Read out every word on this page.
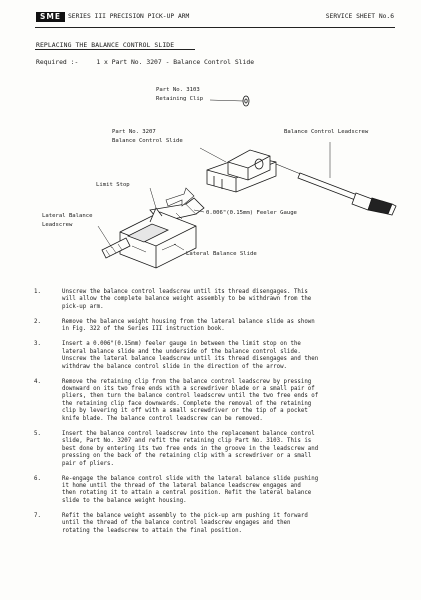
SME	SERIES III PRECISION PICK-UP ARM	SERVICE SHEET No.6
REPLACING THE BALANCE CONTROL SLIDE
Required :-	1 x Part No. 3207 - Balance Control Slide
Part No. 3103
Retaining Clip
Part No. 3207
Balance Control Slide
Balance Control Leadscrew
Limit Stop
Lateral Balance
Leadscrew
0.006"(0.15mm) Feeler Gauge
Lateral Balance Slide
1.	Unscrew the balance control leadscrew until its thread disengages. This
will allow the complete balance weight assembly to be withdrawn from the
pick-up arm.
2.	Remove the balance weight housing from the lateral balance slide as shown
in Fig. 322 of the Series III instruction book.
3.	Insert a 0.006"(0.15mm) feeler gauge in between the limit stop on the
lateral balance slide and the underside of the balance control slide.
Unscrew the lateral balance leadscrew until its thread disengages and then
withdraw the balance control slide in the direction of the arrow.
4.	Remove the retaining clip from the balance control leadscrew by pressing
downward on its two free ends with a screwdriver blade or a small pair of
pliers, then turn the balance control leadscrew until the two free ends of
the retaining clip face downwards. Complete the removal of the retaining
clip by levering it off with a small screwdriver or the tip of a pocket
knife blade. The balance control leadscrew can be removed.
5.	Insert the balance control leadscrew into the replacement balance control
slide, Part No. 3207 and refit the retaining clip Part No. 3103. This is
best done by entering its two free ends in the groove in the leadscrew and
pressing on the back of the retaining clip with a screwdriver or a small
pair of pliers.
6.	Re-engage the balance control slide with the lateral balance slide pushing
it home until the thread of the lateral balance leadscrew engages and
then rotating it to attain a central position. Refit the lateral balance
slide to the balance weight housing.
7.	Refit the balance weight assembly to the pick-up arm pushing it forward
until the thread of the balance control leadscrew engages and then
rotating the leadscrew to attain the final position.
